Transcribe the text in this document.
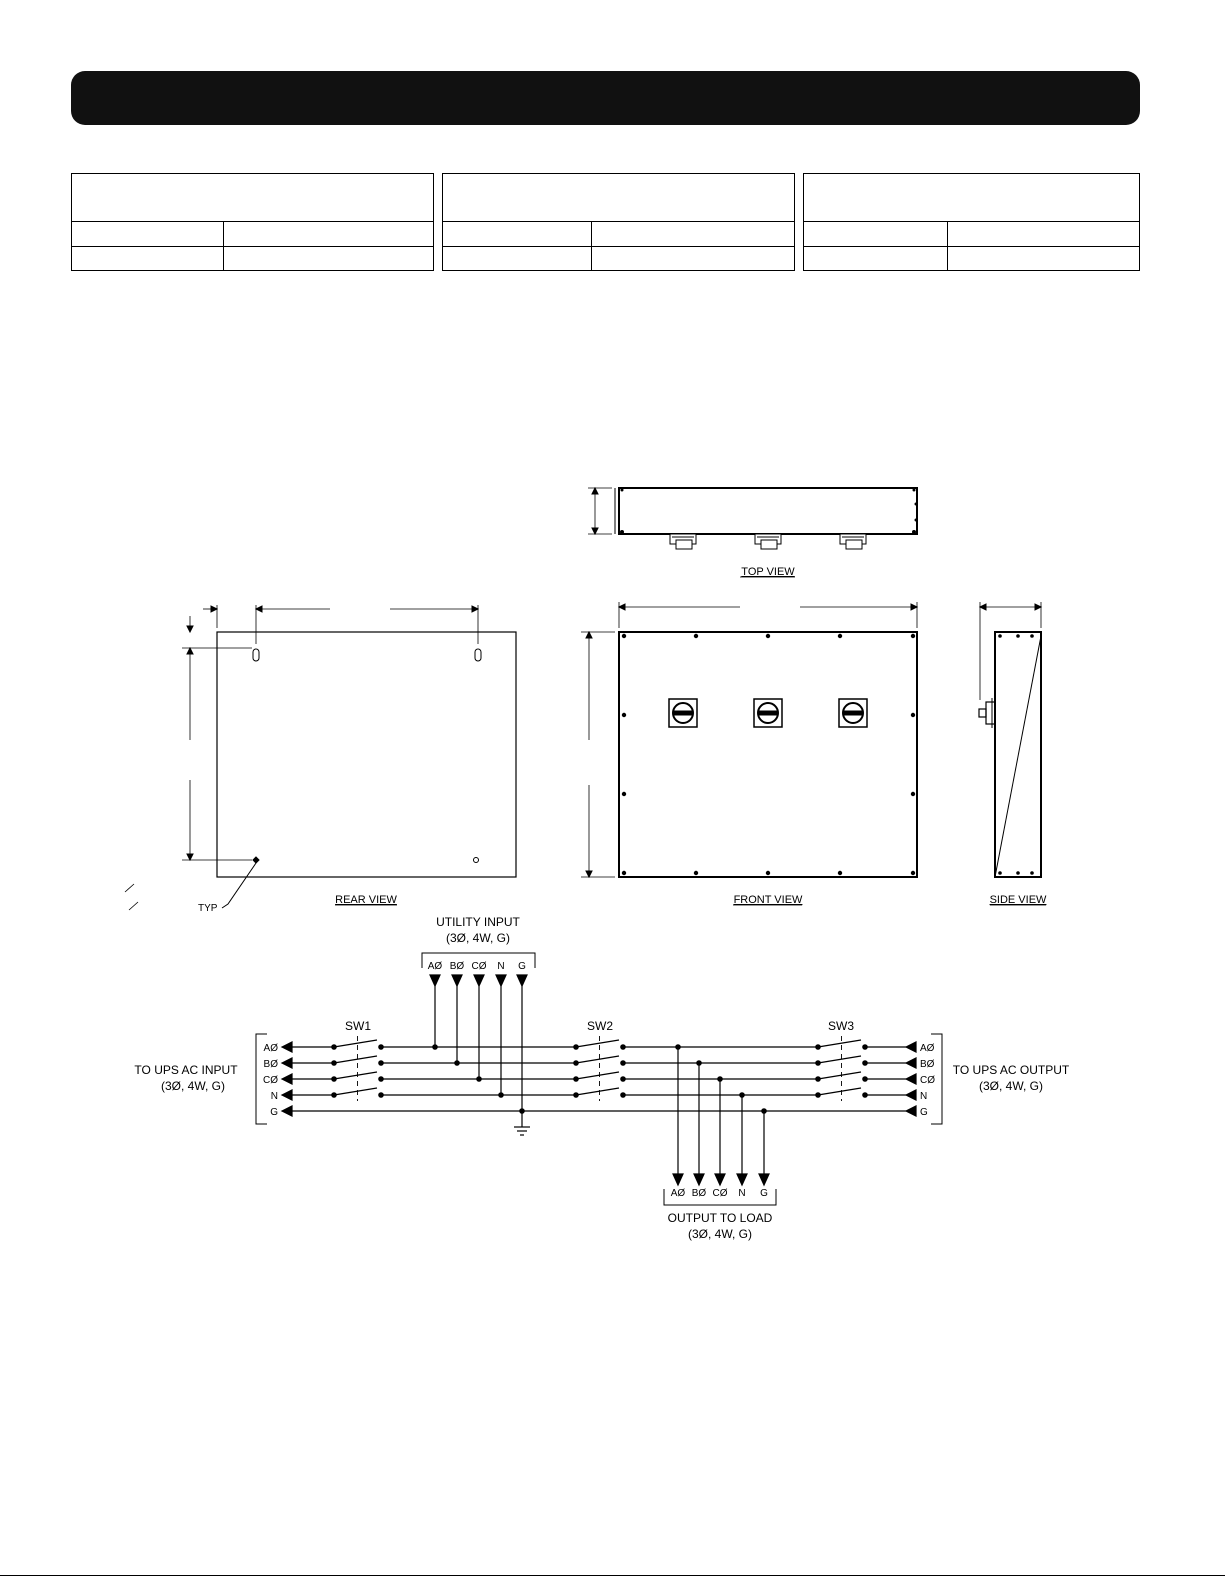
TOP VIEW
TYP
REAR VIEW	FRONT VIEW	SIDE VIEW
UTILITY INPUT
(3Ø, 4W, G)
AØ BØ CØ N G
TO UPS AC INPUT
(3Ø, 4W, G)
AØ
BØ
CØ
N
G
TO UPS AC OUTPUT
(3Ø, 4W, G)
AØ
BØ
CØ
N
G
SW1	SW2	SW3
AØ BØ CØ N G
OUTPUT TO LOAD
(3Ø, 4W, G)
